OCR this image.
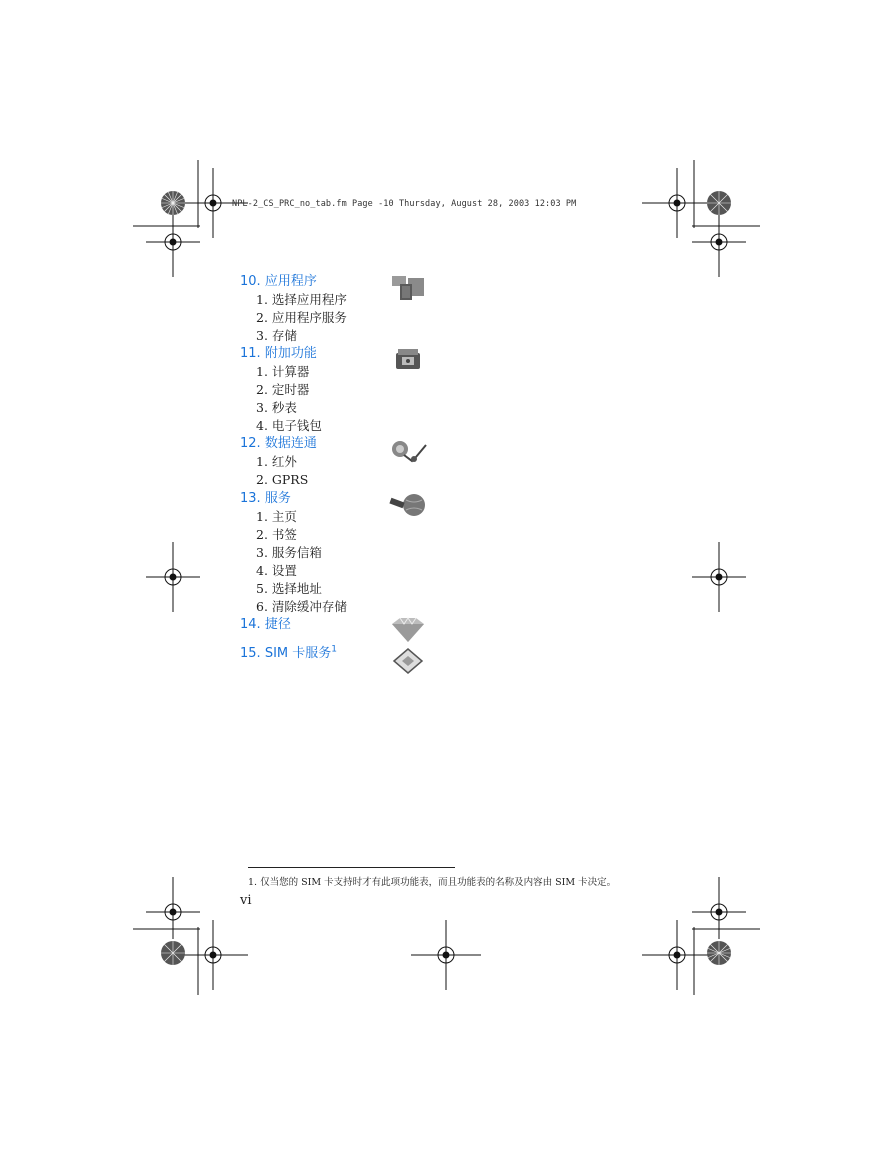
NPL-2_CS_PRC_no_tab.fm Page -10 Thursday, August 28, 2003 12:03 PM
10. 应用程序
1. 选择应用程序
2. 应用程序服务
3. 存储
11. 附加功能
1. 计算器
2. 定时器
3. 秒表
4. 电子钱包
12. 数据连通
1. 红外
2. GPRS
13. 服务
1. 主页
2. 书签
3. 服务信箱
4. 设置
5. 选择地址
6. 清除缓冲存储
14. 捷径
15. SIM 卡服务$^1$
1. 仅当您的 SIM 卡支持时才有此项功能表，而且功能表的名称及内容由 SIM 卡决定。
vi
